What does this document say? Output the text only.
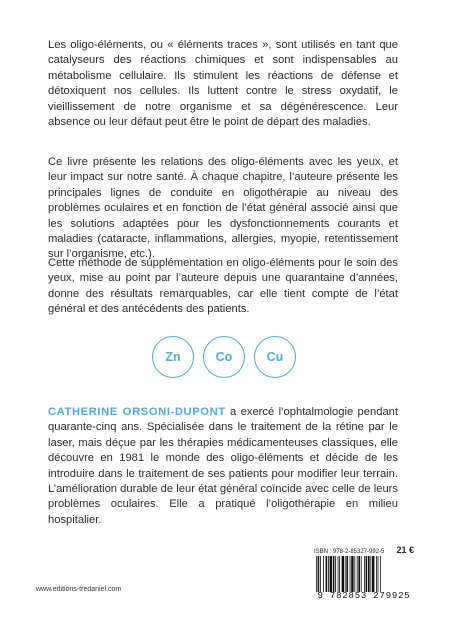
Les oligo-éléments, ou « éléments traces », sont utilisés en tant que catalyseurs des réactions chimiques et sont indispensables au métabolisme cellulaire. Ils stimulent les réactions de défense et détoxiquent nos cellules. Ils luttent contre le stress oxydatif, le vieillissement de notre organisme et sa dégénérescence. Leur absence ou leur défaut peut être le point de départ des maladies.

Ce livre présente les relations des oligo-éléments avec les yeux, et leur impact sur notre santé. À chaque chapitre, l’auteure présente les principales lignes de conduite en oligothérapie au niveau des problèmes oculaires et en fonction de l’état général associé ainsi que les solutions adaptées pour les dysfonctionnements courants et maladies (cataracte, inflammations, allergies, myopie, retentissement sur l’organisme, etc.).

Cette méthode de supplémentation en oligo-éléments pour le soin des yeux, mise au point par l’auteure depuis une quarantaine d’années, donne des résultats remarquables, car elle tient compte de l’état général et des antécédents des patients.

Zn	Co	Cu

CATHERINE ORSONI-DUPONT a exercé l’ophtalmologie pendant quarante-cinq ans. Spécialisée dans le traitement de la rétine par le laser, mais déçue par les thérapies médicamenteuses classiques, elle découvre en 1981 le monde des oligo-éléments et décide de les introduire dans le traitement de ses patients pour modifier leur terrain. L’amélioration durable de leur état général coïncide avec celle de leurs problèmes oculaires. Elle a pratiqué l’oligothérapie en milieu hospitalier.

ISBN : 978-2-85327-992-5 21 €
9 782853 279925
www.editions-tredaniel.com
